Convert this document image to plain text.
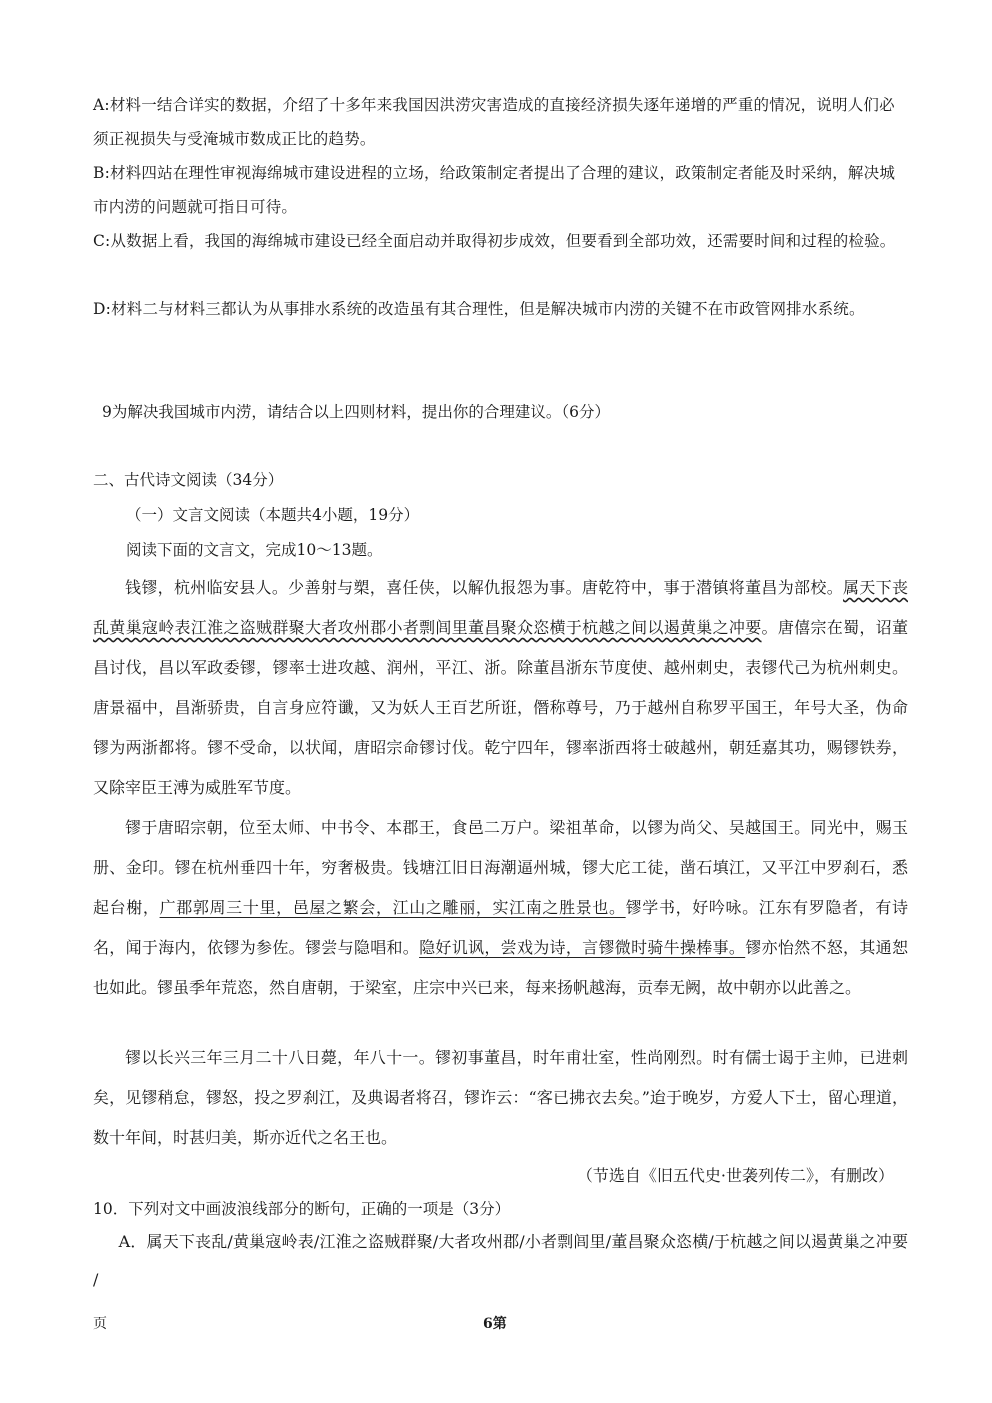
A:材料一结合详实的数据，介绍了十多年来我国因洪涝灾害造成的直接经济损失逐年递增的严重的情况，说明人们必须正视损失与受淹城市数成正比的趋势。
B:材料四站在理性审视海绵城市建设进程的立场，给政策制定者提出了合理的建议，政策制定者能及时采纳，解决城市内涝的问题就可指日可待。
C:从数据上看，我国的海绵城市建设已经全面启动并取得初步成效，但要看到全部功效，还需要时间和过程的检验。
D:材料二与材料三都认为从事排水系统的改造虽有其合理性，但是解决城市内涝的关键不在市政管网排水系统。
9为解决我国城市内涝，请结合以上四则材料，提出你的合理建议。（6分）
二、古代诗文阅读（34分）
（一）文言文阅读（本题共4小题，19分）
阅读下面的文言文，完成10～13题。
钱镠，杭州临安县人。少善射与槊，喜任侠，以解仇报怨为事。唐乾符中，事于潜镇将董昌为部校。属天下丧乱黄巢寇岭表江淮之盗贼群聚大者攻州郡小者剽闾里董昌聚众恣横于杭越之间以遏黄巢之冲要。唐僖宗在蜀，诏董昌讨伐，昌以军政委镠，镠率士进攻越、润州，平江、浙。除董昌浙东节度使、越州刺史，表镠代己为杭州刺史。唐景福中，昌渐骄贵，自言身应符谶，又为妖人王百艺所诳，僭称尊号，乃于越州自称罗平国王，年号大圣，伪命镠为两浙都将。镠不受命，以状闻，唐昭宗命镠讨伐。乾宁四年，镠率浙西将士破越州，朝廷嘉其功，赐镠铁券，又除宰臣王溥为威胜军节度。
镠于唐昭宗朝，位至太师、中书令、本郡王，食邑二万户。梁祖革命，以镠为尚父、吴越国王。同光中，赐玉册、金印。镠在杭州垂四十年，穷奢极贵。钱塘江旧日海潮逼州城，镠大庀工徒，凿石填江，又平江中罗刹石，悉起台榭，广郡郭周三十里，邑屋之繁会，江山之雕丽，实江南之胜景也。镠学书，好吟咏。江东有罗隐者，有诗名，闻于海内，依镠为参佐。镠尝与隐唱和。隐好讥讽，尝戏为诗，言镠微时骑牛操棒事。镠亦怡然不怒，其通恕也如此。镠虽季年荒恣，然自唐朝，于梁室，庄宗中兴已来，每来扬帆越海，贡奉无阙，故中朝亦以此善之。
镠以长兴三年三月二十八日薨，年八十一。镠初事董昌，时年甫壮室，性尚刚烈。时有儒士谒于主帅，已进刺矣，见镠稍怠，镠怒，投之罗刹江，及典谒者将召，镠诈云：“客已拂衣去矣。”迨于晚岁，方爱人下士，留心理道，数十年间，时甚归美，斯亦近代之名王也。
（节选自《旧五代史·世袭列传二》，有删改）
10．下列对文中画波浪线部分的断句，正确的一项是（3分）
A．属天下丧乱/黄巢寇岭表/江淮之盗贼群聚/大者攻州郡/小者剽闾里/董昌聚众恣横/于杭越之间以遏黄巢之冲要 /
页	6第
